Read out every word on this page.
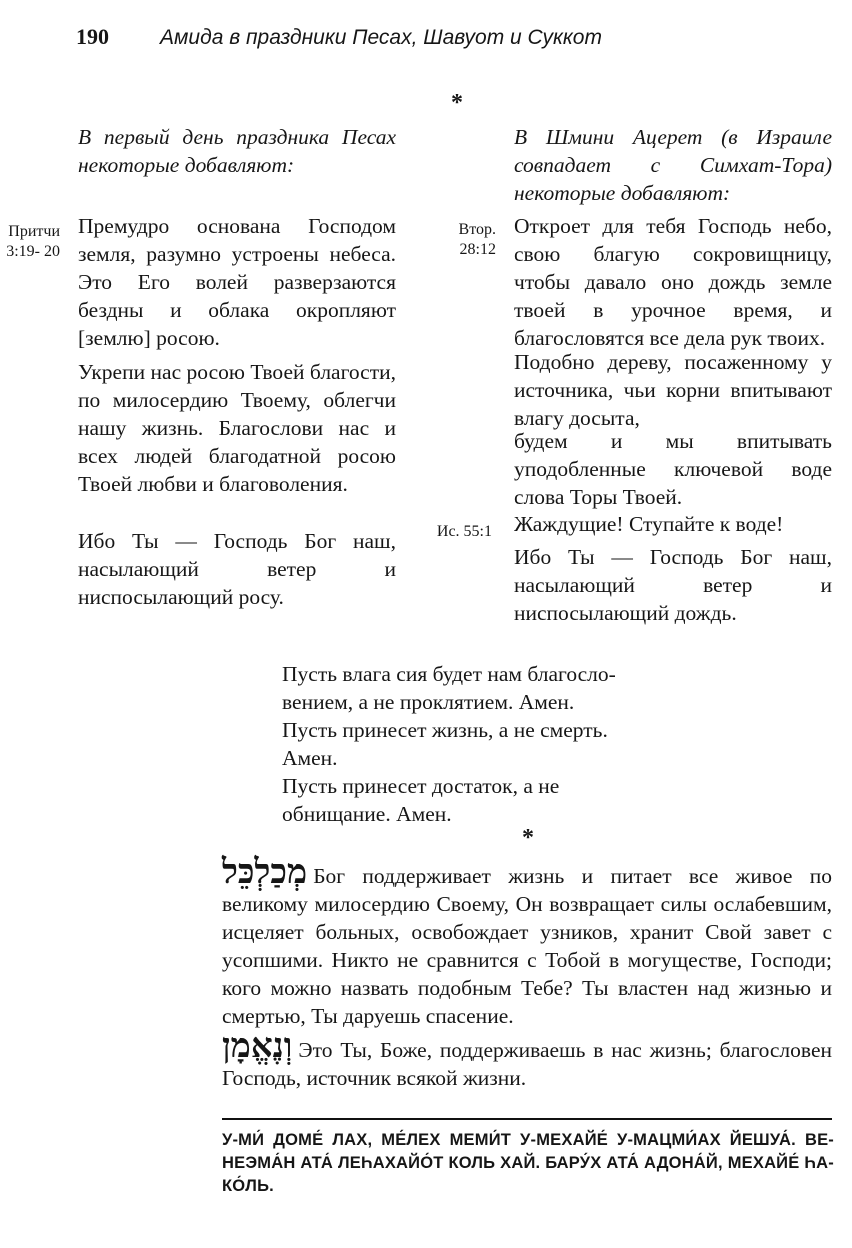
190 Амида в праздники Песах, Шавуот и Суккот
*
В первый день праздника Песах некоторые добавляют:
Притчи 3:19- 20
Премудро основана Господом земля, разумно устроены небеса. Это Его волей разверзаются бездны и облака окропляют [землю] росою.
Укрепи нас росою Твоей благости, по милосердию Твоему, облегчи нашу жизнь. Благослови нас и всех людей благодатной росою Твоей любви и благоволения.
Ибо Ты — Господь Бог наш, насылающий ветер и ниспосылающий росу.
В Шмини Ацерет (в Израиле совпадает с Симхат-Тора) некоторые добавляют:
Втор. 28:12
Откроет для тебя Господь небо, свою благую сокровищницу, чтобы давало оно дождь земле твоей в урочное время, и благословятся все дела рук твоих.
Подобно дереву, посаженному у источника, чьи корни впитывают влагу досыта,
будем и мы впитывать уподобленные ключевой воде слова Торы Твоей.
Ис. 55:1 Жаждущие! Ступайте к воде!
Ибо Ты — Господь Бог наш, насылающий ветер и ниспосылающий дождь.
Пусть влага сия будет нам благосло-
вением, а не проклятием. Амен.
Пусть принесет жизнь, а не смерть.
Амен.
Пусть принесет достаток, а не
обнищание. Амен.
*
מְכַלְכֵּל Бог поддерживает жизнь и питает все живое по великому милосердию Своему, Он возвращает силы ослабевшим, исцеляет больных, освобождает узников, хранит Свой завет с усопшими. Никто не сравнится с Тобой в могуществе, Господи; кого можно назвать подобным Тебе? Ты властен над жизнью и смертью, Ты даруешь спасение.
וְנֶאֱמָן Это Ты, Боже, поддерживаешь в нас жизнь; благословен Господь, источник всякой жизни.
У-МИ́ ДОМЕ́ ЛАХ, МЕ́ЛЕХ МЕМИ́Т У-МЕХАЙЕ́ У-МАЦМИ́АХ ЙЕШУА́. ВЕ-НЕЭМА́Н АТА́ ЛЕҺАХАЙО́Т КОЛЬ ХАЙ. БАРУ́Х АТА́ АДОНА́Й, МЕХАЙЕ́ ҺА-КО́ЛЬ.
